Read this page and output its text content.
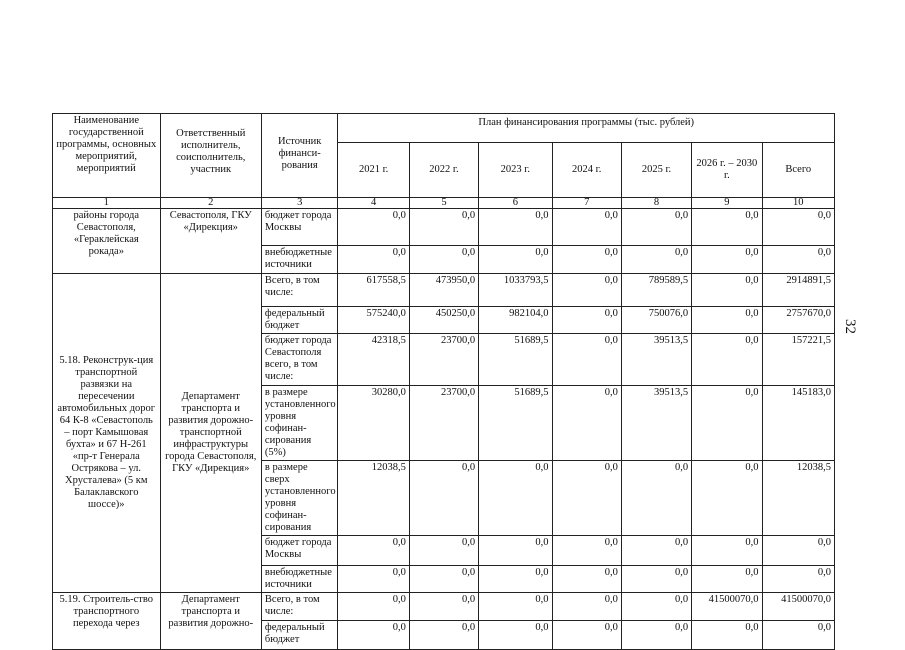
Наименование государственной программы, основных мероприятий, мероприятий	Ответственный исполнитель, соисполнитель, участник	Источник финанси-рования	План финансирования программы (тыс. рублей)						
			2021 г.	2022 г.	2023 г.	2024 г.	2025 г.	2026 г. – 2030 г.	Всего
1	2	3	4	5	6	7	8	9	10
районы города Севастополя, «Гераклейская рокада»	Севастополя, ГКУ «Дирекция»	бюджет города Москвы	0,0	0,0	0,0	0,0	0,0	0,0	0,0
		внебюджетные источники	0,0	0,0	0,0	0,0	0,0	0,0	0,0
5.18. Реконструк-ция транспортной развязки на пересечении автомобильных дорог 64 К-8 «Севастополь – порт Камышовая бухта» и 67 Н-261 «пр-т Генерала Острякова – ул. Хрусталева» (5 км Балаклавского шоссе)»	Департамент транспорта и развития дорожно-транспортной инфраструктуры города Севастополя, ГКУ «Дирекция»	Всего, в том числе:	617558,5	473950,0	1033793,5	0,0	789589,5	0,0	2914891,5
		федеральный бюджет	575240,0	450250,0	982104,0	0,0	750076,0	0,0	2757670,0
		бюджет города Севастополя всего, в том числе:	42318,5	23700,0	51689,5	0,0	39513,5	0,0	157221,5
		в размере установленного уровня софинан-сирования (5%)	30280,0	23700,0	51689,5	0,0	39513,5	0,0	145183,0
		в размере сверх установленного уровня софинан-сирования	12038,5	0,0	0,0	0,0	0,0	0,0	12038,5
		бюджет города Москвы	0,0	0,0	0,0	0,0	0,0	0,0	0,0
		внебюджетные источники	0,0	0,0	0,0	0,0	0,0	0,0	0,0
5.19. Строитель-ство транспортного перехода через	Департамент транспорта и развития дорожно-	Всего, в том числе:	0,0	0,0	0,0	0,0	0,0	41500070,0	41500070,0
		федеральный бюджет	0,0	0,0	0,0	0,0	0,0	0,0	0,0
32
